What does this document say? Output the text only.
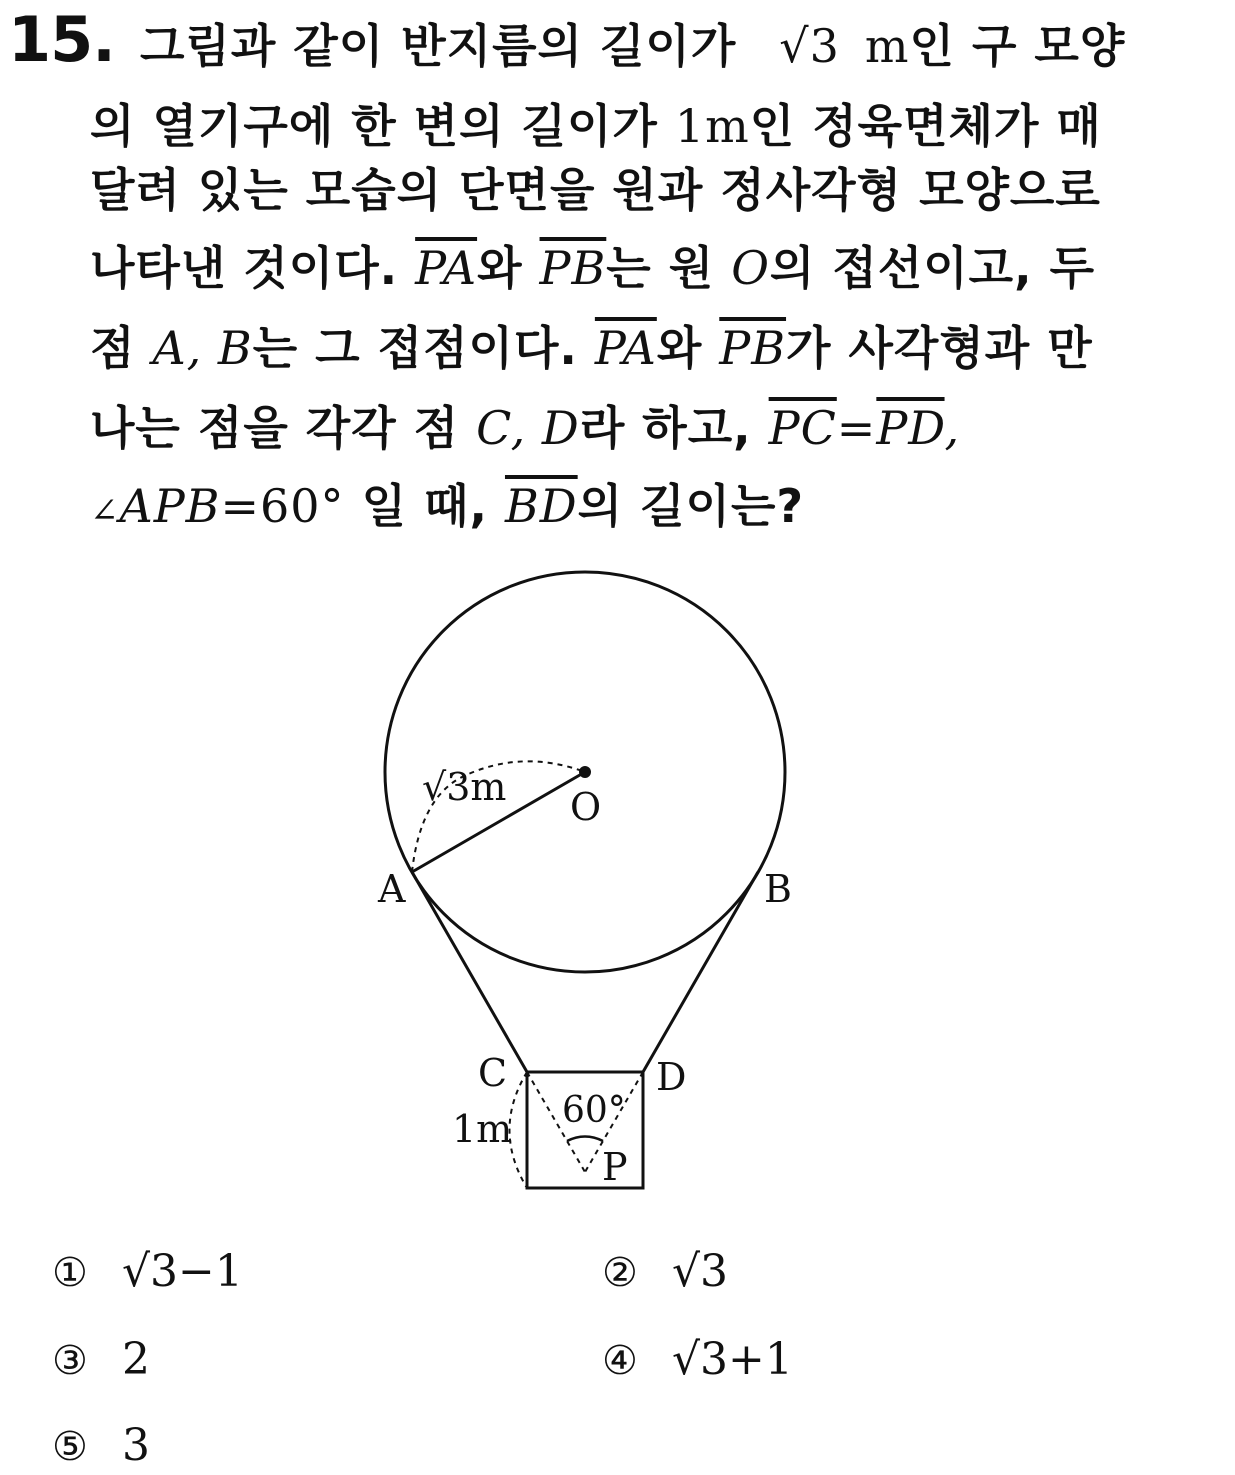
15. 그림과 같이 반지름의 길이가 √3 m인 구 모양
의 열기구에 한 변의 길이가 1m인 정육면체가 매
달려 있는 모습의 단면을 원과 정사각형 모양으로
나타낸 것이다. $\overline{PA}$와 $\overline{PB}$는 원 O의 접선이고, 두
점 A, B는 그 접점이다. $\overline{PA}$와 $\overline{PB}$가 사각형과 만
나는 점을 각각 점 C, D라 하고, $\overline{PC}=\overline{PD}$,
∠APB=60° 일 때, $\overline{BD}$의 길이는?
√3m O
A	B
C	D
1m 60°
P
① √3−1	② √3
③ 2	④ √3+1
⑤ 3
